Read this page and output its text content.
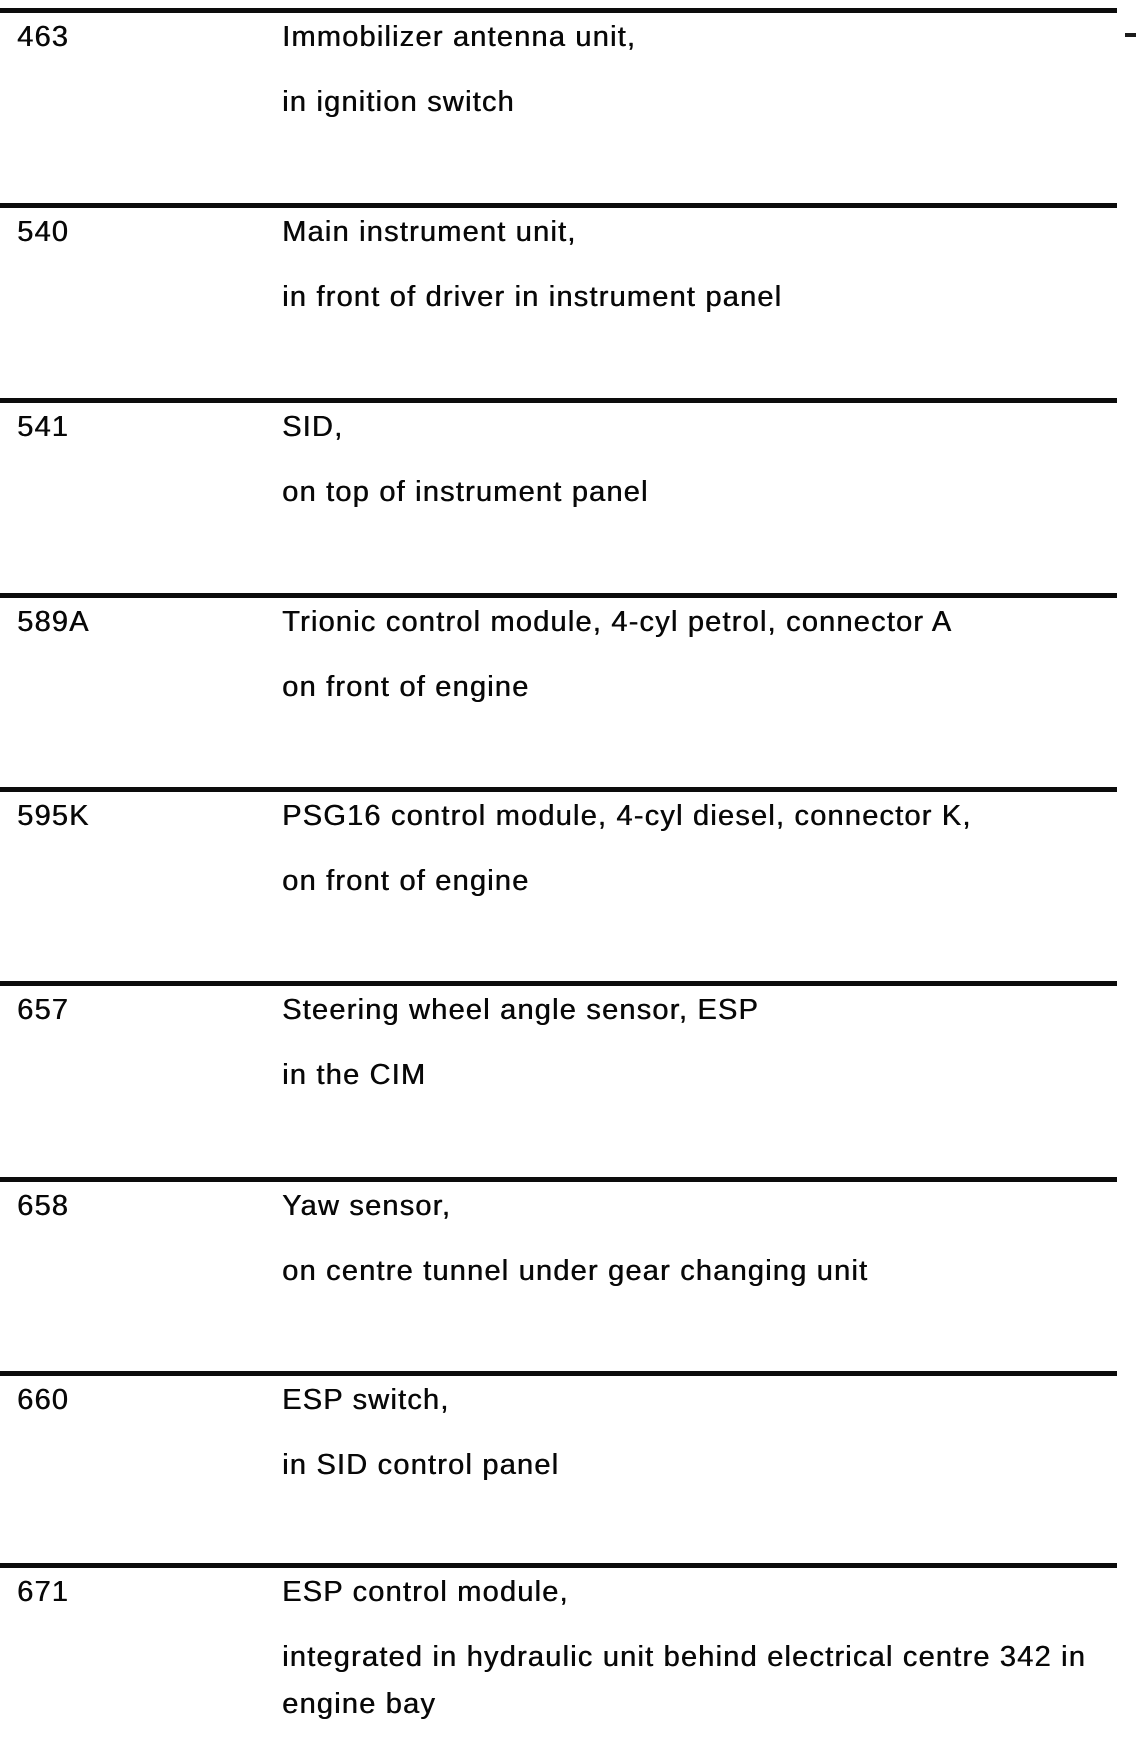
463	Immobilizer antenna unit,
in ignition switch
540	Main instrument unit,
in front of driver in instrument panel
541	SID,
on top of instrument panel
589A	Trionic control module, 4-cyl petrol, connector A
on front of engine
595K	PSG16 control module, 4-cyl diesel, connector K,
on front of engine
657	Steering wheel angle sensor, ESP
in the CIM
658	Yaw sensor,
on centre tunnel under gear changing unit
660	ESP switch,
in SID control panel
671	ESP control module,
integrated in hydraulic unit behind electrical centre 342 in engine bay
